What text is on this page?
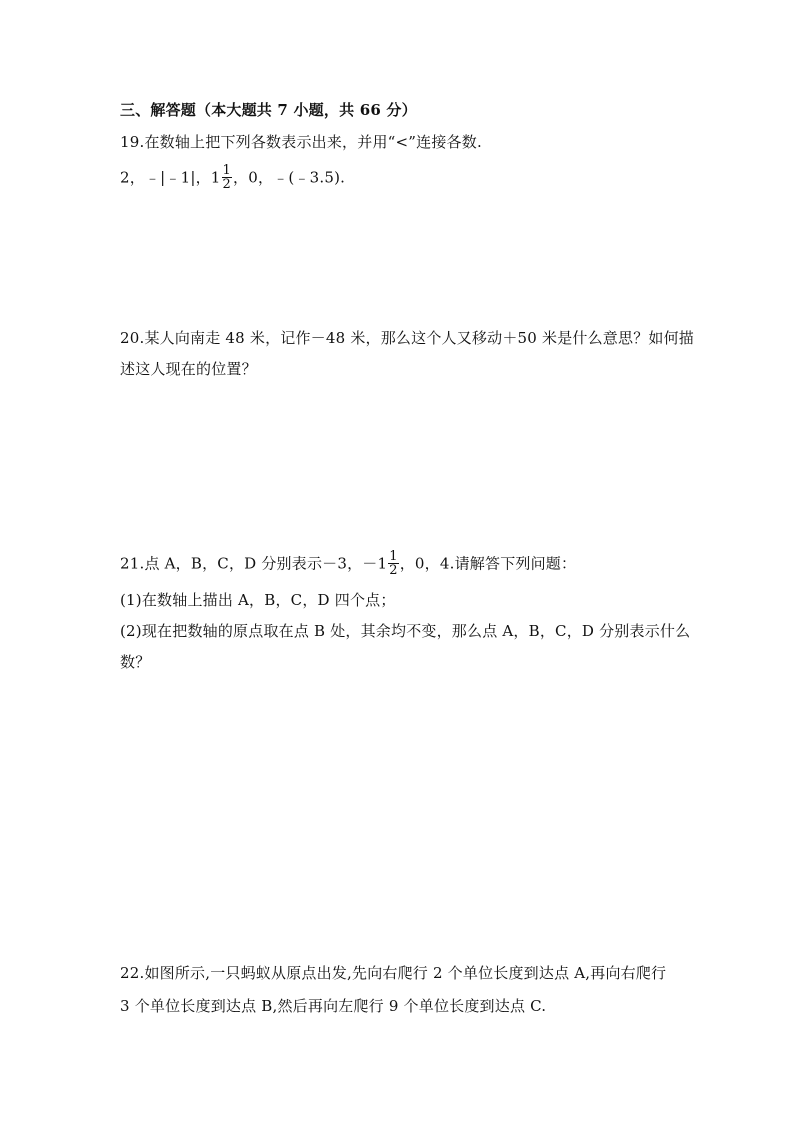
三、解答题（本大题共 7 小题，共 66 分）
19.在数轴上把下列各数表示出来，并用“<”连接各数.
2，﹣|﹣1|，$1 \frac{1}{2}$ ，0，﹣(﹣3.5).
20.某人向南走 48 米，记作－48 米，那么这个人又移动＋50 米是什么意思？如何描
述这人现在的位置？
21.点 A，B，C，D 分别表示－3，$-1 \frac{1}{2}$ ，0，4.请解答下列问题：
(1)在数轴上描出 A，B，C，D 四个点；
(2)现在把数轴的原点取在点 B 处，其余均不变，那么点 A，B，C，D 分别表示什么
数？
22.如图所示,一只蚂蚁从原点出发,先向右爬行 2 个单位长度到达点 A,再向右爬行
3 个单位长度到达点 B,然后再向左爬行 9 个单位长度到达点 C.
